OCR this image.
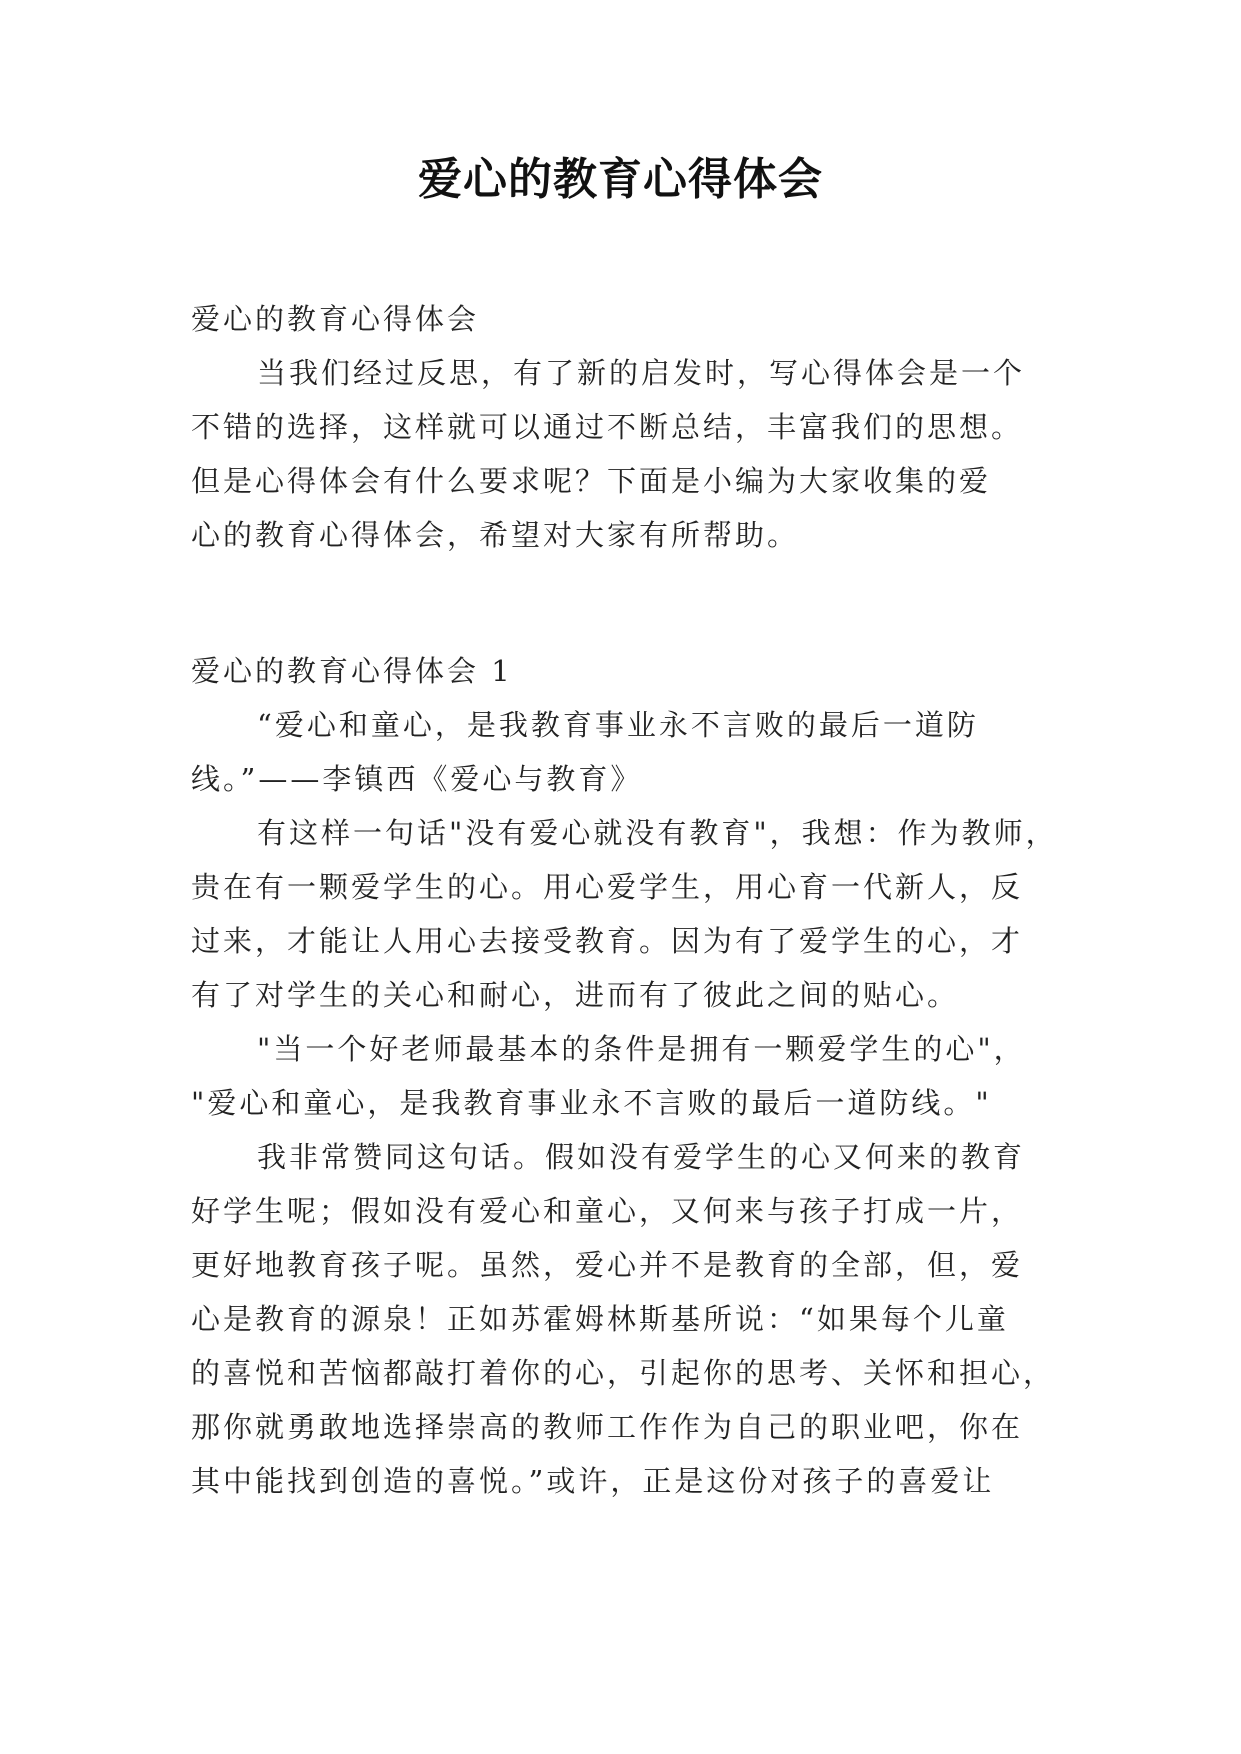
爱心的教育心得体会
爱心的教育心得体会
当我们经过反思，有了新的启发时，写心得体会是一个
不错的选择，这样就可以通过不断总结，丰富我们的思想。
但是心得体会有什么要求呢？下面是小编为大家收集的爱
心的教育心得体会，希望对大家有所帮助。
爱心的教育心得体会 1
“爱心和童心，是我教育事业永不言败的最后一道防
线。”——李镇西《爱心与教育》
有这样一句话"没有爱心就没有教育"，我想：作为教师，
贵在有一颗爱学生的心。用心爱学生，用心育一代新人，反
过来，才能让人用心去接受教育。因为有了爱学生的心，才
有了对学生的关心和耐心，进而有了彼此之间的贴心。
"当一个好老师最基本的条件是拥有一颗爱学生的心"，
"爱心和童心，是我教育事业永不言败的最后一道防线。"
我非常赞同这句话。假如没有爱学生的心又何来的教育
好学生呢；假如没有爱心和童心，又何来与孩子打成一片，
更好地教育孩子呢。虽然，爱心并不是教育的全部，但，爱
心是教育的源泉！正如苏霍姆林斯基所说：“如果每个儿童
的喜悦和苦恼都敲打着你的心，引起你的思考、关怀和担心，
那你就勇敢地选择崇高的教师工作作为自己的职业吧，你在
其中能找到创造的喜悦。”或许，正是这份对孩子的喜爱让
